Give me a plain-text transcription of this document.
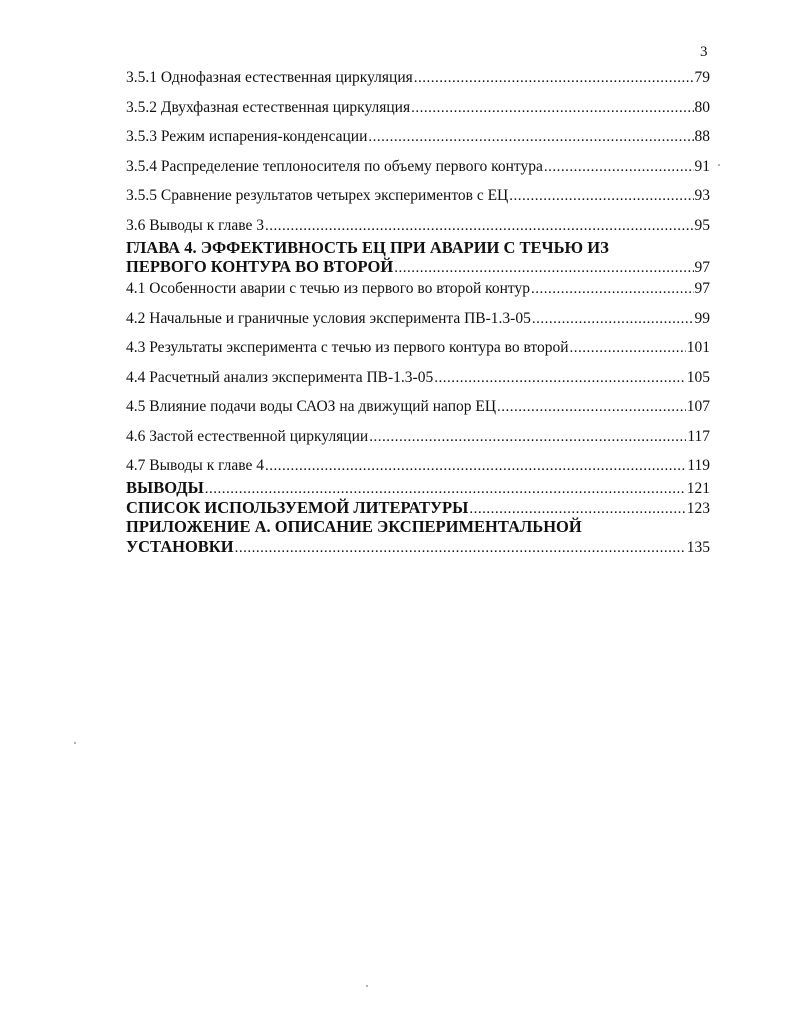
3
3.5.1 Однофазная естественная циркуляция .....	79
3.5.2 Двухфазная естественная циркуляция .....	80
3.5.3 Режим испарения-конденсации .....	88
3.5.4 Распределение теплоносителя по объему первого контура .....	91
3.5.5 Сравнение результатов четырех экспериментов с ЕЦ .....	93
3.6 Выводы к главе 3 .....	95
ГЛАВА 4. ЭФФЕКТИВНОСТЬ ЕЦ ПРИ АВАРИИ С ТЕЧЬЮ ИЗ
ПЕРВОГО КОНТУРА ВО ВТОРОЙ .....	97
4.1 Особенности аварии с течью из первого во второй контур .....	97
4.2 Начальные и граничные условия эксперимента ПВ-1.3-05 .....	99
4.3 Результаты эксперимента с течью из первого контура во второй .....	101
4.4 Расчетный анализ эксперимента ПВ-1.3-05 .....	105
4.5 Влияние подачи воды САОЗ на движущий напор ЕЦ .....	107
4.6 Застой естественной циркуляции .....	117
4.7 Выводы к главе 4 .....	119
ВЫВОДЫ .....	121
СПИСОК ИСПОЛЬЗУЕМОЙ ЛИТЕРАТУРЫ .....	123
ПРИЛОЖЕНИЕ А. ОПИСАНИЕ ЭКСПЕРИМЕНТАЛЬНОЙ
УСТАНОВКИ .....	135
